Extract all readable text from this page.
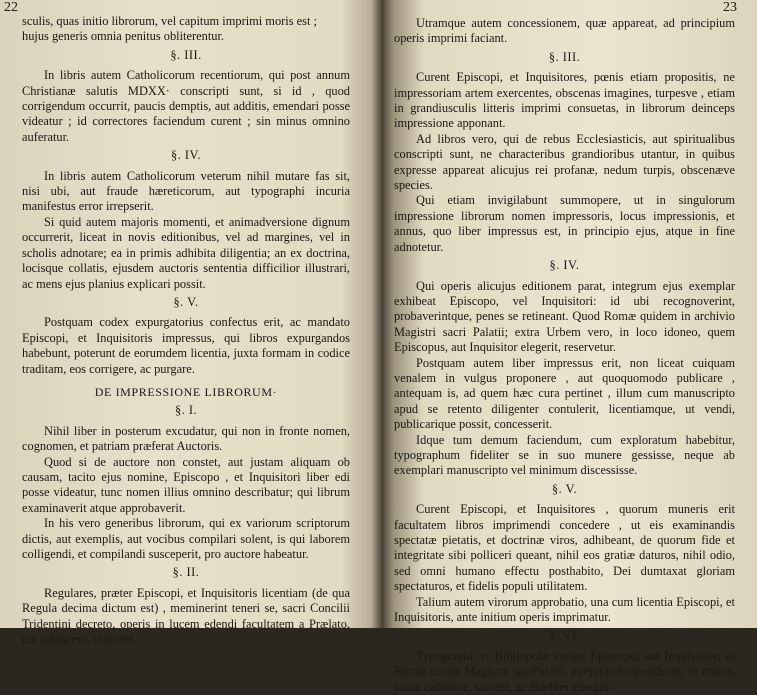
22

sculis, quas initio librorum, vel capitum imprimi moris est ;

hujus generis omnia penitus obliterentur.

§. III.

In libris autem Catholicorum recentiorum, qui post annum Christianæ salutis MDXX· conscripti sunt, si id , quod corrigendum occurrit, paucis demptis, aut additis, emendari posse videatur ; id correctores faciendum curent ; sin minus omnino auferatur.

§. IV.

In libris autem Catholicorum veterum nihil mutare fas sit, nisi ubi, aut fraude hæreticorum, aut typographi incuria manifestus error irrepserit.

Si quid autem majoris momenti, et animadversione dignum occurrerit, liceat in novis editionibus, vel ad margines, vel in scholis adnotare; ea in primis adhibita diligentia; an ex doctrina, locisque collatis, ejusdem auctoris sententia difficilior illustrari, ac mens ejus planius explicari possit.

§. V.

Postquam codex expurgatorius confectus erit, ac mandato Episcopi, et Inquisitoris impressus, qui libros expurgandos habebunt, poterunt de eorumdem licentia, juxta formam in codice traditam, eos corrigere, ac purgare.

DE IMPRESSIONE LIBRORUM·
§. I.

Nihil liber in posterum excudatur, qui non in fronte nomen, cognomen, et patriam præferat Auctoris.

Quod si de auctore non constet, aut justam aliquam ob causam, tacito ejus nomine, Episcopo , et Inquisitori liber edi posse videatur, tunc nomen illius omnino describatur; qui librum examinaverit atque approbaverit.

In his vero generibus librorum, qui ex variorum scriptorum dictis, aut exemplis, aut vocibus compilari solent, is qui laborem colligendi, et compilandi susceperit, pro auctore habeatur.

§. II.

Regulares, præter Episcopi, et Inquisitoris licentiam (de qua Regula decima dictum est) , meminerint teneri se, sacri Concilii Tridentini decreto, operis in lucem edendi facultatem a Prælato, cui subjacent, obtinere.

23

Utramque autem concessionem, quæ appareat, ad principium operis imprimi faciant.

§. III.

Curent Episcopi, et Inquisitores, pœnis etiam propositis, ne impressoriam artem exercentes, obscenas imagines, turpesve , etiam in grandiusculis litteris imprimi consuetas, in librorum deinceps impressione apponant.

Ad libros vero, qui de rebus Ecclesiasticis, aut spiritualibus conscripti sunt, ne characteribus grandioribus utantur, in quibus expresse appareat alicujus rei profanæ, nedum turpis, obscenæve species.

Qui etiam invigilabunt summopere, ut in singulorum impressione librorum nomen impressoris, locus impressionis, et annus, quo liber impressus est, in principio ejus, atque in fine adnotetur.

§. IV.

Qui operis alicujus editionem parat, integrum ejus exemplar exhibeat Episcopo, vel Inquisitori: id ubi recognoverint, probaverintque, penes se retineant. Quod Romæ quidem in archivio Magistri sacri Palatii; extra Urbem vero, in loco idoneo, quem Episcopus, aut Inquisitor elegerit, reservetur.

Postquam autem liber impressus erit, non liceat cuiquam venalem in vulgus proponere , aut quoquomodo publicare , antequam is, ad quem hæc cura pertinet , illum cum manuscripto apud se retento diligenter contulerit, licentiamque, ut vendi, publicarique possit, concesserit.

Idque tum demum faciendum, cum exploratum habebitur, typographum fideliter se in suo munere gessisse, neque ab exemplari manuscripto vel minimum discessisse.

§. V.

Curent Episcopi, et Inquisitores , quorum muneris erit facultatem libros imprimendi concedere , ut eis examinandis spectatæ pietatis, et doctrinæ viros, adhibeant, de quorum fide et integritate sibi polliceri queant, nihil eos gratiæ daturos, nihil odio, sed omni humano effectu posthabito, Dei dumtaxat gloriam spectaturos, et fidelis populi utilitatem.

Talium autem virorum approbatio, una cum licentia Episcopi, et Inquisitoris, ante initium operis imprimatur.

§. VI.

Typographi, et Bibliopolæ coram Episcopo, aut Inquisitore, et Romæ coram Magistro sac.Palatii, jurejurando spondeant, se munus suum catholice, sincere, ac fideliter exequu-
